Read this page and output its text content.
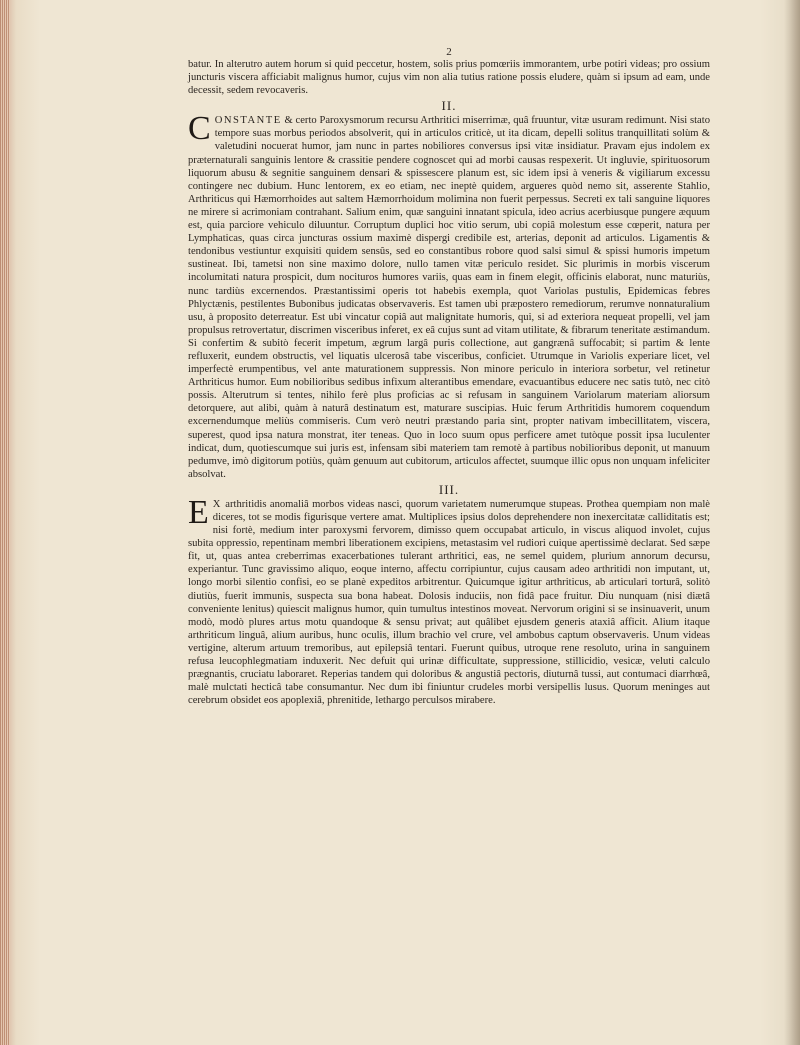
2

batur. In alterutro autem horum si quid peccetur, hostem, solis prius pomœriis immorantem, urbe potiri videas; pro ossium juncturis viscera afficiabit malignus humor, cujus vim non alia tutius ratione possis eludere, quàm si ipsum ad eam, unde decessit, sedem revocaveris.

II.

CONSTANTE & certo Paroxysmorum recursu Arthritici miserrimæ, quâ fruuntur, vitæ usuram redimunt. Nisi stato tempore suas morbus periodos absolverit, qui in articulos criticè, ut ita dicam, depelli solitus tranquillitati solùm & valetudini nocuerat humor, jam nunc in partes nobiliores conversus ipsi vitæ insidiatur. Pravam ejus indolem ex præternaturali sanguinis lentore & crassitie pendere cognoscet qui ad morbi causas respexerit. Ut ingluvie, spirituosorum liquorum abusu & segnitie sanguinem densari & spissescere planum est, sic idem ipsi à veneris & vigiliarum excessu contingere nec dubium. Hunc lentorem, ex eo etiam, nec ineptè quidem, argueres quòd nemo sit, asserente Stahlio, Arthriticus qui Hæmorrhoides aut saltem Hæmorrhoidum molimina non fuerit perpessus. Secreti ex tali sanguine liquores ne mirere si acrimoniam contrahant. Salium enim, quæ sanguini innatant spicula, ideo acrius acerbiusque pungere æquum est, quia parciore vehiculo diluuntur. Corruptum duplici hoc vitio serum, ubi copiâ molestum esse cœperit, natura per Lymphaticas, quas circa juncturas ossium maximè dispergi credibile est, arterias, deponit ad articulos. Ligamentis & tendonibus vestiuntur exquisiti quidem sensûs, sed eo constantibus robore quod salsi simul & spissi humoris impetum sustineat. Ibi, tametsi non sine maximo dolore, nullo tamen vitæ periculo residet. Sic plurimis in morbis viscerum incolumitati natura prospicit, dum nocituros humores variis, quas eam in finem elegit, officinis elaborat, nunc maturiùs, nunc tardiùs excernendos. Præstantissimi operis tot habebis exempla, quot Variolas pustulis, Epidemicas febres Phlyctænis, pestilentes Bubonibus judicatas observaveris. Est tamen ubi præpostero remediorum, rerumve nonnaturalium usu, à proposito deterreatur. Est ubi vincatur copiâ aut malignitate humoris, qui, si ad exteriora nequeat propelli, vel jam propulsus retrovertatur, discrimen visceribus inferet, ex eâ cujus sunt ad vitam utilitate, & fibrarum teneritate æstimandum. Si confertim & subitò fecerit impetum, ægrum largâ puris collectione, aut gangrænâ suffocabit; si partim & lente refluxerit, eundem obstructis, vel liquatis ulcerosâ tabe visceribus, conficiet. Utrumque in Variolis experiare licet, vel imperfectè erumpentibus, vel ante maturationem suppressis. Non minore periculo in interiora sorbetur, vel retinetur Arthriticus humor. Eum nobilioribus sedibus infixum alterantibus emendare, evacuantibus educere nec satis tutò, nec citò possis. Alterutrum si tentes, nihilo ferè plus proficias ac si refusam in sanguinem Variolarum materiam aliorsum detorquere, aut alibi, quàm à naturâ destinatum est, maturare suscipias. Huic ferum Arthritidis humorem coquendum excernendumque meliùs commiseris. Cum verò neutri præstando paria sint, propter nativam imbecillitatem, viscera, superest, quod ipsa natura monstrat, iter teneas. Quo in loco suum opus perficere amet tutòque possit ipsa luculenter indicat, dum, quotiescumque sui juris est, infensam sibi materiem tam remotè à partibus nobilioribus deponit, ut manuum pedumve, imò digitorum potiùs, quàm genuum aut cubitorum, articulos affectet, suumque illic opus non unquam infeliciter absolvat.

III.

E X arthritidis anomaliâ morbos videas nasci, quorum varietatem numerumque stupeas. Prothea quempiam non malè diceres, tot se modis figurisque vertere amat. Multiplices ipsius dolos deprehendere non inexercitatæ calliditatis est; nisi fortè, medium inter paroxysmi fervorem, dimisso quem occupabat articulo, in viscus aliquod involet, cujus subita oppressio, repentinam membri liberationem excipiens, metastasim vel rudiori cuique apertissimè declarat. Sed sæpe fit, ut, quas antea creberrimas exacerbationes tulerant arthritici, eas, ne semel quidem, plurium annorum decursu, experiantur. Tunc gravissimo aliquo, eoque interno, affectu corripiuntur, cujus causam adeo arthritidi non imputant, ut, longo morbi silentio confisi, eo se planè expeditos arbitrentur. Quicumque igitur arthriticus, ab articulari torturâ, solitò diutiùs, fuerit immunis, suspecta sua bona habeat. Dolosis induciis, non fidâ pace fruitur. Diu nunquam (nisi diætâ conveniente lenitus) quiescit malignus humor, quin tumultus intestinos moveat. Nervorum origini si se insinuaverit, unum modò, modò plures artus motu quandoque & sensu privat; aut quâlibet ejusdem generis ataxiâ afficit. Alium itaque arthriticum linguâ, alium auribus, hunc oculis, illum brachio vel crure, vel ambobus captum observaveris. Unum videas vertigine, alterum artuum tremoribus, aut epilepsiâ tentari. Fuerunt quibus, utroque rene resoluto, urina in sanguinem refusa leucophlegmatiam induxerit. Nec defuit qui urinæ difficultate, suppressione, stillicidio, vesicæ, veluti calculo prægnantis, cruciatu laboraret. Reperias tandem qui doloribus & angustiâ pectoris, diuturnâ tussi, aut contumaci diarrhœâ, malè mulctati hecticâ tabe consumantur. Nec dum ibi finiuntur crudeles morbi versipellis lusus. Quorum meninges aut cerebrum obsidet eos apoplexiâ, phrenitide, lethargo perculsos mirabere.
